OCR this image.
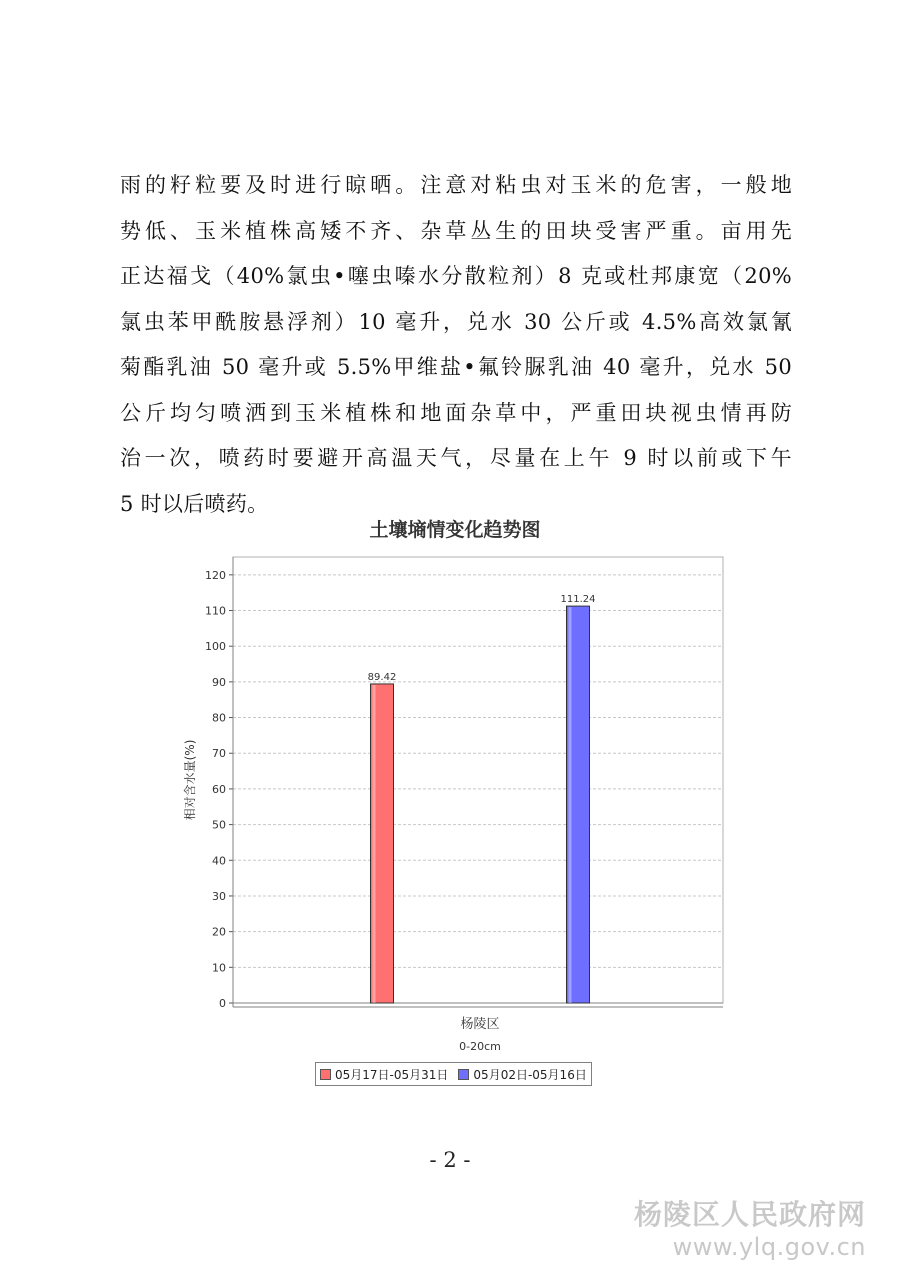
雨的籽粒要及时进行晾晒。注意对粘虫对玉米的危害，一般地
势低、玉米植株高矮不齐、杂草丛生的田块受害严重。亩用先
正达福戈（40%氯虫•噻虫嗪水分散粒剂）8 克或杜邦康宽（20%
氯虫苯甲酰胺悬浮剂）10 毫升，兑水 30 公斤或 4.5%高效氯氰
菊酯乳油 50 毫升或 5.5%甲维盐•氟铃脲乳油 40 毫升，兑水 50
公斤均匀喷洒到玉米植株和地面杂草中，严重田块视虫情再防
治一次，喷药时要避开高温天气，尽量在上午 9 时以前或下午
5 时以后喷药。
0
10
20
30
40
50
60
70
80
90
100
110
120
相对含水量(%)
89.42
111.24
杨陵区
0-20cm
土壤墒情变化趋势图
05月17日-05月31日 05月02日-05月16日
- 2 -
杨陵区人民政府网
www.ylq.gov.cn
